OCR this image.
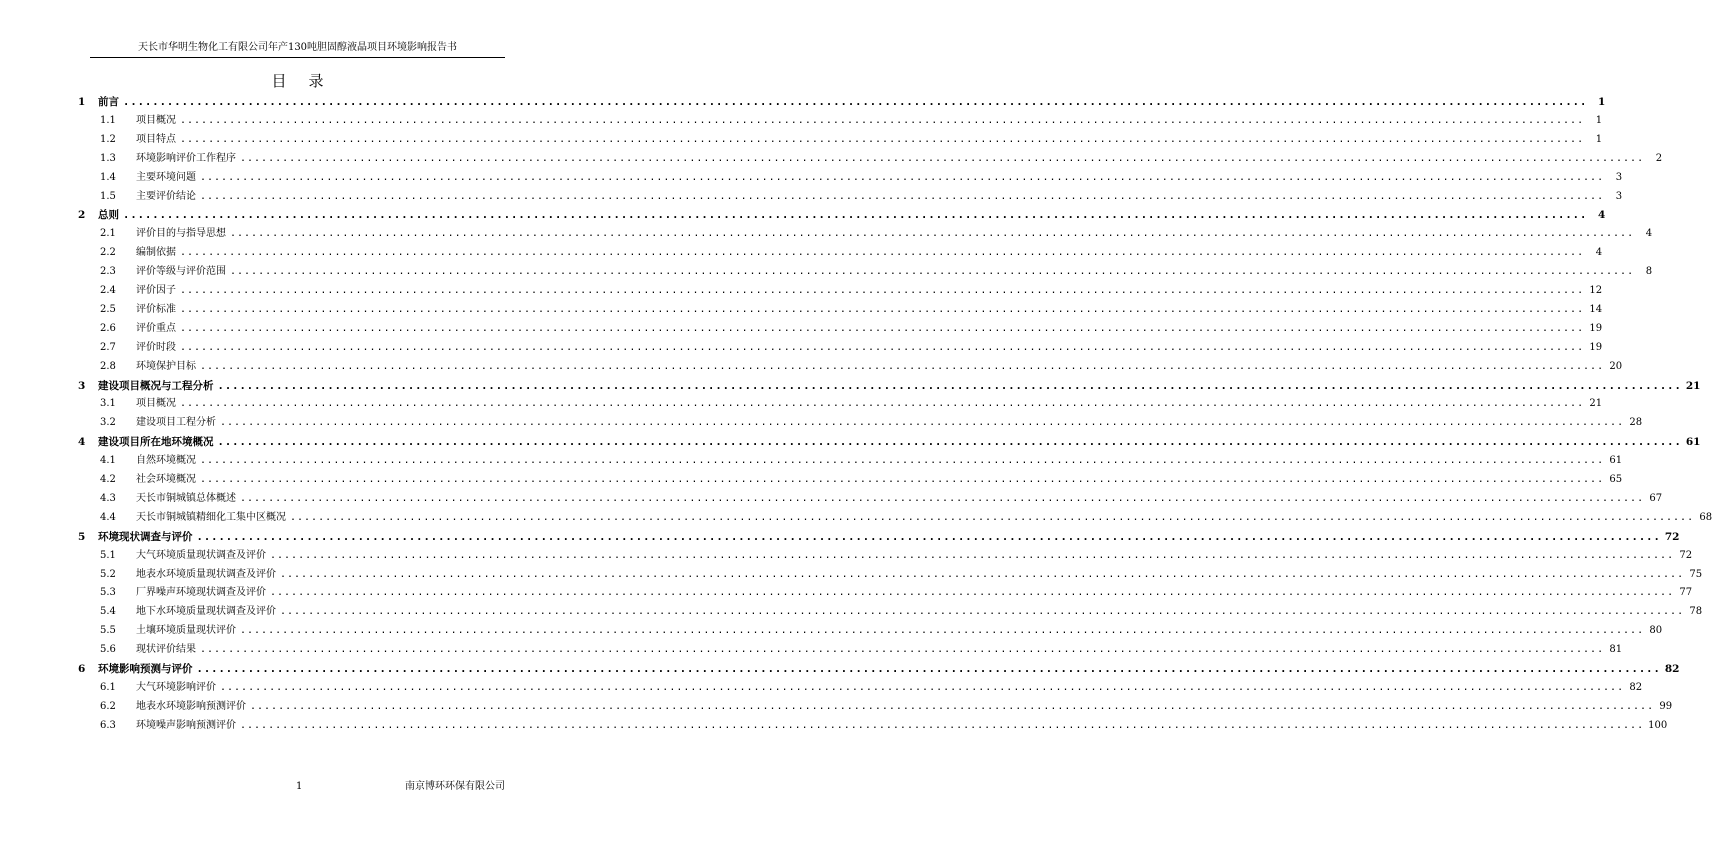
天长市华明生物化工有限公司年产130吨胆固醇液晶项目环境影响报告书
目录
1 前言 ........................................................................................................................................................................................................	1
1.1 项目概况 ........................................................................................................................................................................................................	1
1.2 项目特点 ........................................................................................................................................................................................................	1
1.3 环境影响评价工作程序 ........................................................................................................................................................................................................	2
1.4 主要环境问题 ........................................................................................................................................................................................................	3
1.5 主要评价结论 ........................................................................................................................................................................................................	3
2 总则 ........................................................................................................................................................................................................	4
2.1 评价目的与指导思想 ........................................................................................................................................................................................................	4
2.2 编制依据 ........................................................................................................................................................................................................	4
2.3 评价等级与评价范围 ........................................................................................................................................................................................................	8
2.4 评价因子 ........................................................................................................................................................................................................ 12
2.5 评价标准 ........................................................................................................................................................................................................ 14
2.6 评价重点 ........................................................................................................................................................................................................ 19
2.7 评价时段 ........................................................................................................................................................................................................ 19
2.8 环境保护目标 ........................................................................................................................................................................................................ 20
3 建设项目概况与工程分析 ........................................................................................................................................................................................................ 21
3.1 项目概况 ........................................................................................................................................................................................................ 21
3.2 建设项目工程分析 ........................................................................................................................................................................................................ 28
4 建设项目所在地环境概况 ........................................................................................................................................................................................................ 61
4.1 自然环境概况 ........................................................................................................................................................................................................ 61
4.2 社会环境概况 ........................................................................................................................................................................................................ 65
4.3 天长市铜城镇总体概述 ........................................................................................................................................................................................................ 67
4.4 天长市铜城镇精细化工集中区概况 ........................................................................................................................................................................................................ 68
5 环境现状调查与评价 ........................................................................................................................................................................................................ 72
5.1 大气环境质量现状调查及评价 ........................................................................................................................................................................................................ 72
5.2 地表水环境质量现状调查及评价 ........................................................................................................................................................................................................ 75
5.3 厂界噪声环境现状调查及评价 ........................................................................................................................................................................................................ 77
5.4 地下水环境质量现状调查及评价 ........................................................................................................................................................................................................ 78
5.5 土壤环境质量现状评价 ........................................................................................................................................................................................................ 80
5.6 现状评价结果 ........................................................................................................................................................................................................ 81
6 环境影响预测与评价 ........................................................................................................................................................................................................ 82
6.1 大气环境影响评价 ........................................................................................................................................................................................................ 82
6.2 地表水环境影响预测评价 ........................................................................................................................................................................................................ 99
6.3 环境噪声影响预测评价 ........................................................................................................................................................................................................ 100
1	南京博环环保有限公司
